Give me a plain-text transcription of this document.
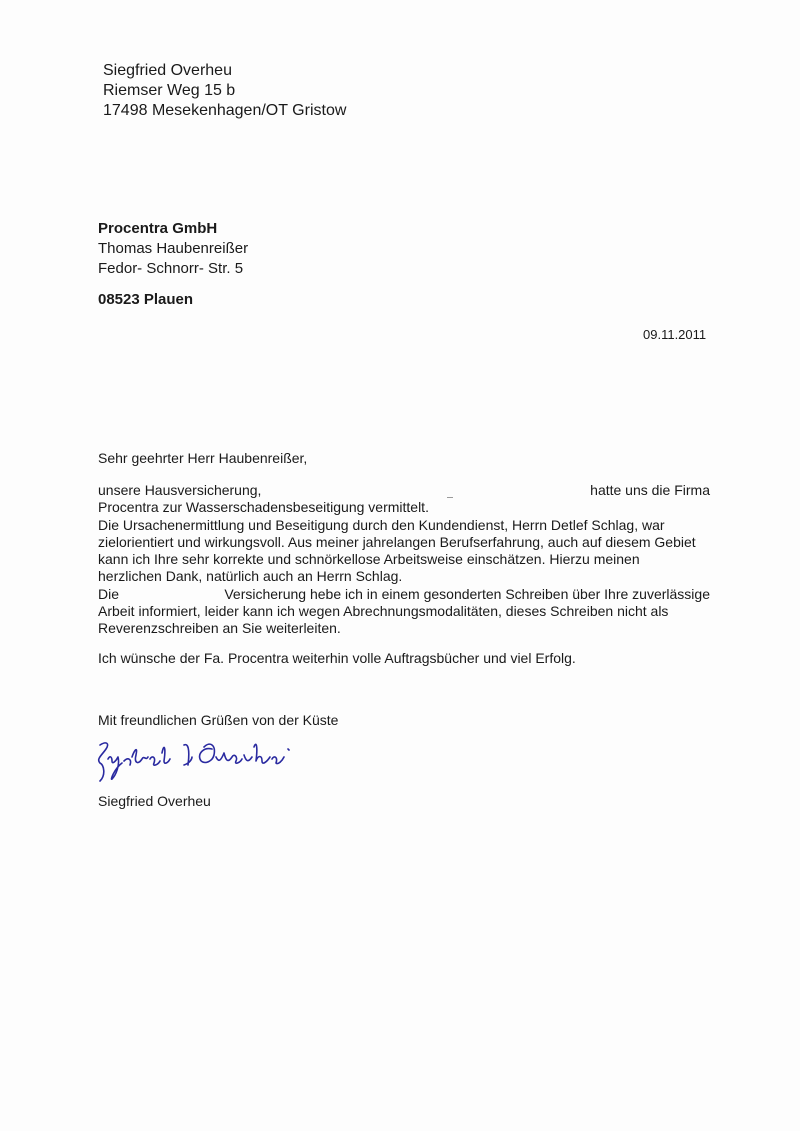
Siegfried Overheu
Riemser Weg 15 b
17498 Mesekenhagen/OT Gristow
Procentra GmbH
Thomas Haubenreißer
Fedor- Schnorr- Str. 5
08523 Plauen
09.11.2011
Sehr geehrter Herr Haubenreißer,
unsere Hausversicherung,	hatte uns die Firma
Procentra zur Wasserschadensbeseitigung vermittelt.
Die Ursachenermittlung und Beseitigung durch den Kundendienst, Herrn Detlef Schlag, war
zielorientiert und wirkungsvoll. Aus meiner jahrelangen Berufserfahrung, auch auf diesem Gebiet
kann ich Ihre sehr korrekte und schnörkellose Arbeitsweise einschätzen. Hierzu meinen
herzlichen Dank, natürlich auch an Herrn Schlag.
Die	Versicherung hebe ich in einem gesonderten Schreiben über Ihre zuverlässige
Arbeit informiert, leider kann ich wegen Abrechnungsmodalitäten, dieses Schreiben nicht als
Reverenzschreiben an Sie weiterleiten.
Ich wünsche der Fa. Procentra weiterhin volle Auftragsbücher und viel Erfolg.
Mit freundlichen Grüßen von der Küste
Siegfried Overheu
